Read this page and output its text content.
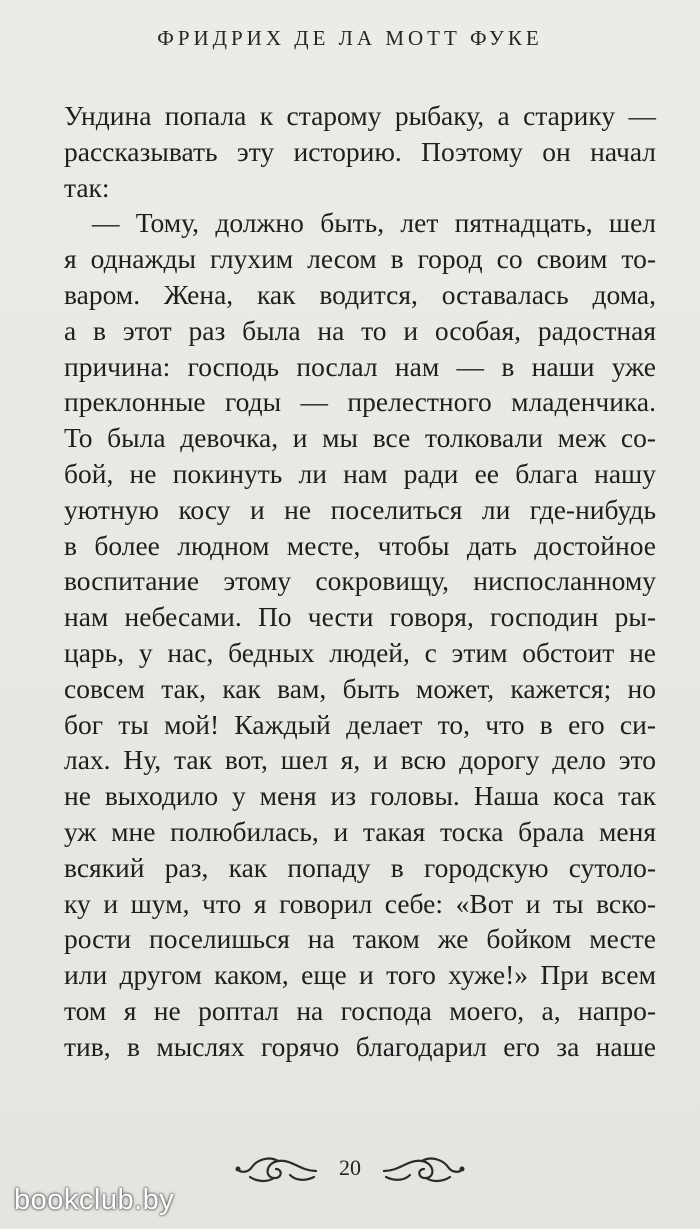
ФРИДРИХ ДЕ ЛА МОТТ ФУКЕ
Ундина попала к старому рыбаку, а старику —
рассказывать эту историю. Поэтому он начал
так:
— Тому, должно быть, лет пятнадцать, шел
я однажды глухим лесом в город со своим то-
варом. Жена, как водится, оставалась дома,
а в этот раз была на то и особая, радостная
причина: господь послал нам — в наши уже
преклонные годы — прелестного младенчика.
То была девочка, и мы все толковали меж со-
бой, не покинуть ли нам ради ее блага нашу
уютную косу и не поселиться ли где-нибудь
в более людном месте, чтобы дать достойное
воспитание этому сокровищу, ниспосланному
нам небесами. По чести говоря, господин ры-
царь, у нас, бедных людей, с этим обстоит не
совсем так, как вам, быть может, кажется; но
бог ты мой! Каждый делает то, что в его си-
лах. Ну, так вот, шел я, и всю дорогу дело это
не выходило у меня из головы. Наша коса так
уж мне полюбилась, и такая тоска брала меня
всякий раз, как попаду в городскую сутоло-
ку и шум, что я говорил себе: «Вот и ты вско-
рости поселишься на таком же бойком месте
или другом каком, еще и того хуже!» При всем
том я не роптал на господа моего, а, напро-
тив, в мыслях горячо благодарил его за наше
20
bookclub.by
